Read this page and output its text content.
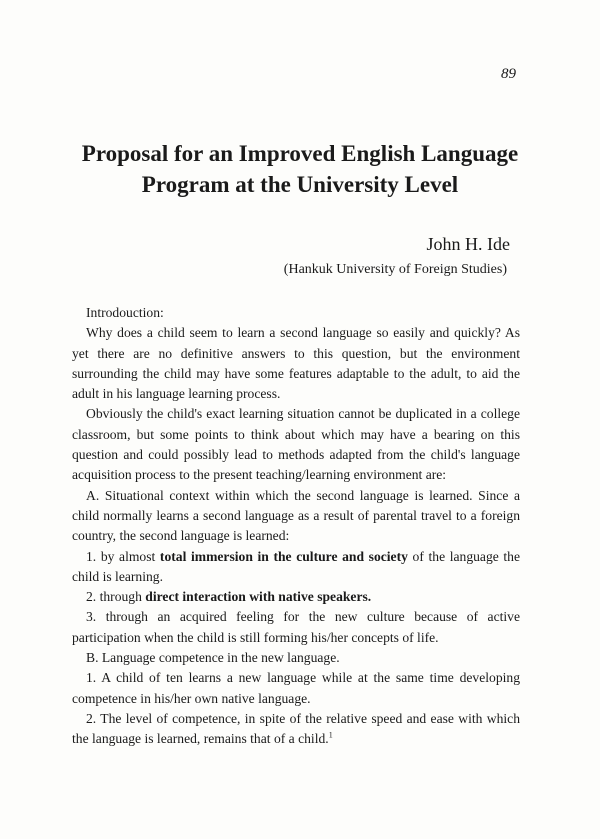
89
Proposal for an Improved English Language
Program at the University Level
John H. Ide
(Hankuk University of Foreign Studies)

Introdouction:

Why does a child seem to learn a second language so easily and quickly? As yet there are no definitive answers to this question, but the environment surrounding the child may have some features adaptable to the adult, to aid the adult in his language learning process.

Obviously the child's exact learning situation cannot be duplicated in a college classroom, but some points to think about which may have a bearing on this question and could possibly lead to methods adapted from the child's language acquisition process to the present teaching/learning environment are:

A. Situational context within which the second language is learned. Since a child normally learns a second language as a result of parental travel to a foreign country, the second language is learned:

1. by almost total immersion in the culture and society of the language the child is learning.

2. through direct interaction with native speakers.

3. through an acquired feeling for the new culture because of active participation when the child is still forming his/her concepts of life.

B. Language competence in the new language.

1. A child of ten learns a new language while at the same time developing competence in his/her own native language.

2. The level of competence, in spite of the relative speed and ease with which the language is learned, remains that of a child.$^1$
